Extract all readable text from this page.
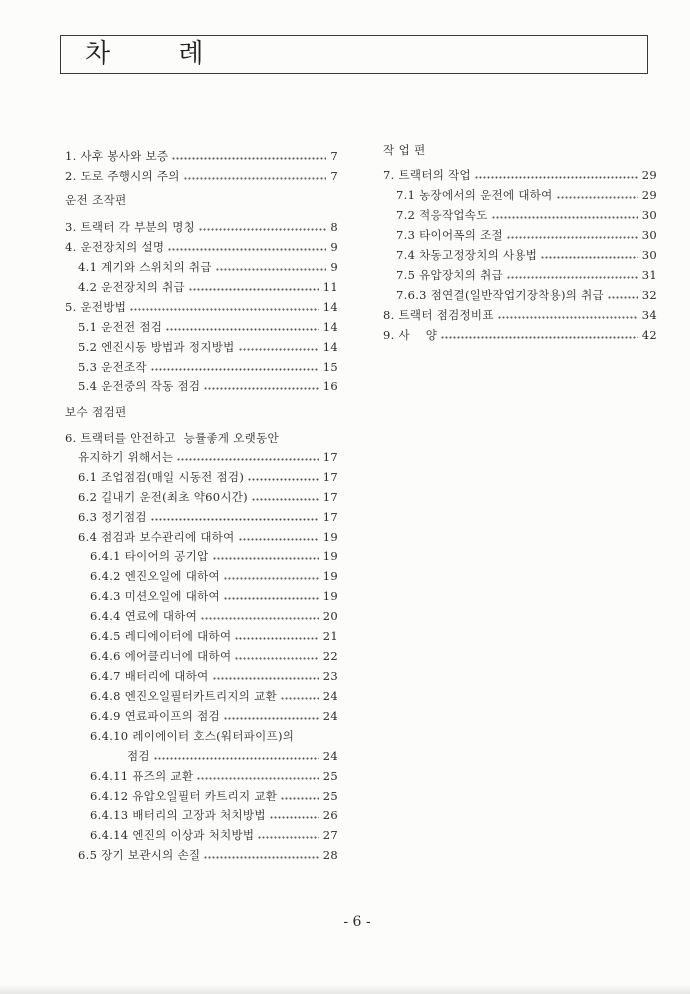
차 례
1. 사후 봉사와 보증	7
2. 도로 주행시의 주의	7
운전 조작편
3. 트랙터 각 부분의 명칭	8
4. 운전장치의 설명	9
4.1 계기와 스위치의 취급	9
4.2 운전장치의 취급	11
5. 운전방법	14
5.1 운전전 점검	14
5.2 엔진시동 방법과 정지방법	14
5.3 운전조작	15
5.4 운전중의 작동 점검	16
보수 점검편
6. 트랙터를 안전하고  능률좋게 오랫동안
유지하기 위해서는	17
6.1 조업점검(매일 시동전 점검)	17
6.2 길내기 운전(최초 약60시간)	17
6.3 정기점검	17
6.4 점검과 보수관리에 대하여	19
6.4.1 타이어의 공기압	19
6.4.2 엔진오일에 대하여	19
6.4.3 미션오일에 대하여	19
6.4.4 연료에 대하여	20
6.4.5 레디에이터에 대하여	21
6.4.6 에어클리너에 대하여	22
6.4.7 배터리에 대하여	23
6.4.8 엔진오일필터카트리지의 교환	24
6.4.9 연료파이프의 점검	24
6.4.10 레이에이터 호스(워터파이프)의
점검	24
6.4.11 퓨즈의 교환	25
6.4.12 유압오일필터 카트리지 교환	25
6.4.13 배터리의 고장과 처치방법	26
6.4.14 엔진의 이상과 처치방법	27
6.5 장기 보관시의 손질	28
작 업 편
7. 트랙터의 작업	29
7.1 농장에서의 운전에 대하여	29
7.2 적응작업속도	30
7.3 타이어폭의 조절	30
7.4 차동고정장치의 사용법	30
7.5 유압장치의 취급	31
7.6.3 점연결(일반작업기장착용)의 취급	32
8. 트랙터 점검정비표	34
9. 사    양	42
- 6 -
